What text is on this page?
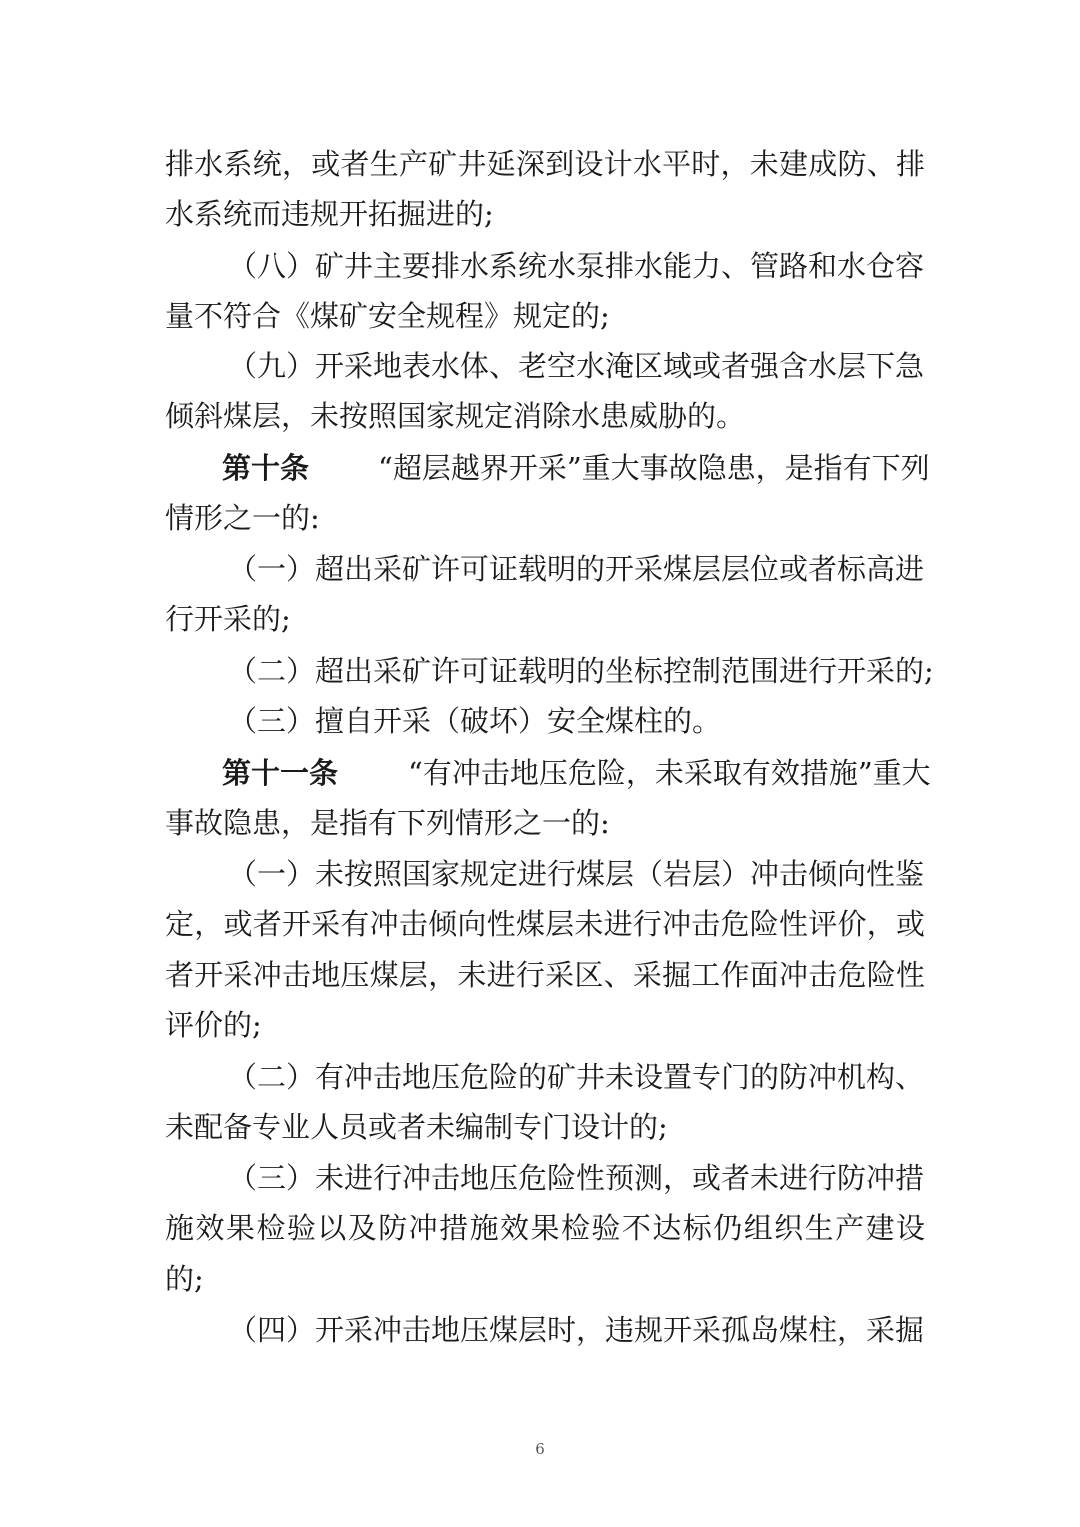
排水系统，或者生产矿井延深到设计水平时，未建成防、排
水系统而违规开拓掘进的;
（八）矿井主要排水系统水泵排水能力、管路和水仓容
量不符合《煤矿安全规程》规定的;
（九）开采地表水体、老空水淹区域或者强含水层下急
倾斜煤层，未按照国家规定消除水患威胁的。
第十条	“超层越界开采”重大事故隐患，是指有下列
情形之一的:
（一）超出采矿许可证载明的开采煤层层位或者标高进
行开采的;
（二）超出采矿许可证载明的坐标控制范围进行开采的;
（三）擅自开采（破坏）安全煤柱的。
第十一条	“有冲击地压危险，未采取有效措施”重大
事故隐患，是指有下列情形之一的:
（一）未按照国家规定进行煤层（岩层）冲击倾向性鉴
定，或者开采有冲击倾向性煤层未进行冲击危险性评价，或
者开采冲击地压煤层，未进行采区、采掘工作面冲击危险性
评价的;
（二）有冲击地压危险的矿井未设置专门的防冲机构、
未配备专业人员或者未编制专门设计的;
（三）未进行冲击地压危险性预测，或者未进行防冲措
施效果检验以及防冲措施效果检验不达标仍组织生产建设
的;
（四）开采冲击地压煤层时，违规开采孤岛煤柱，采掘
6
